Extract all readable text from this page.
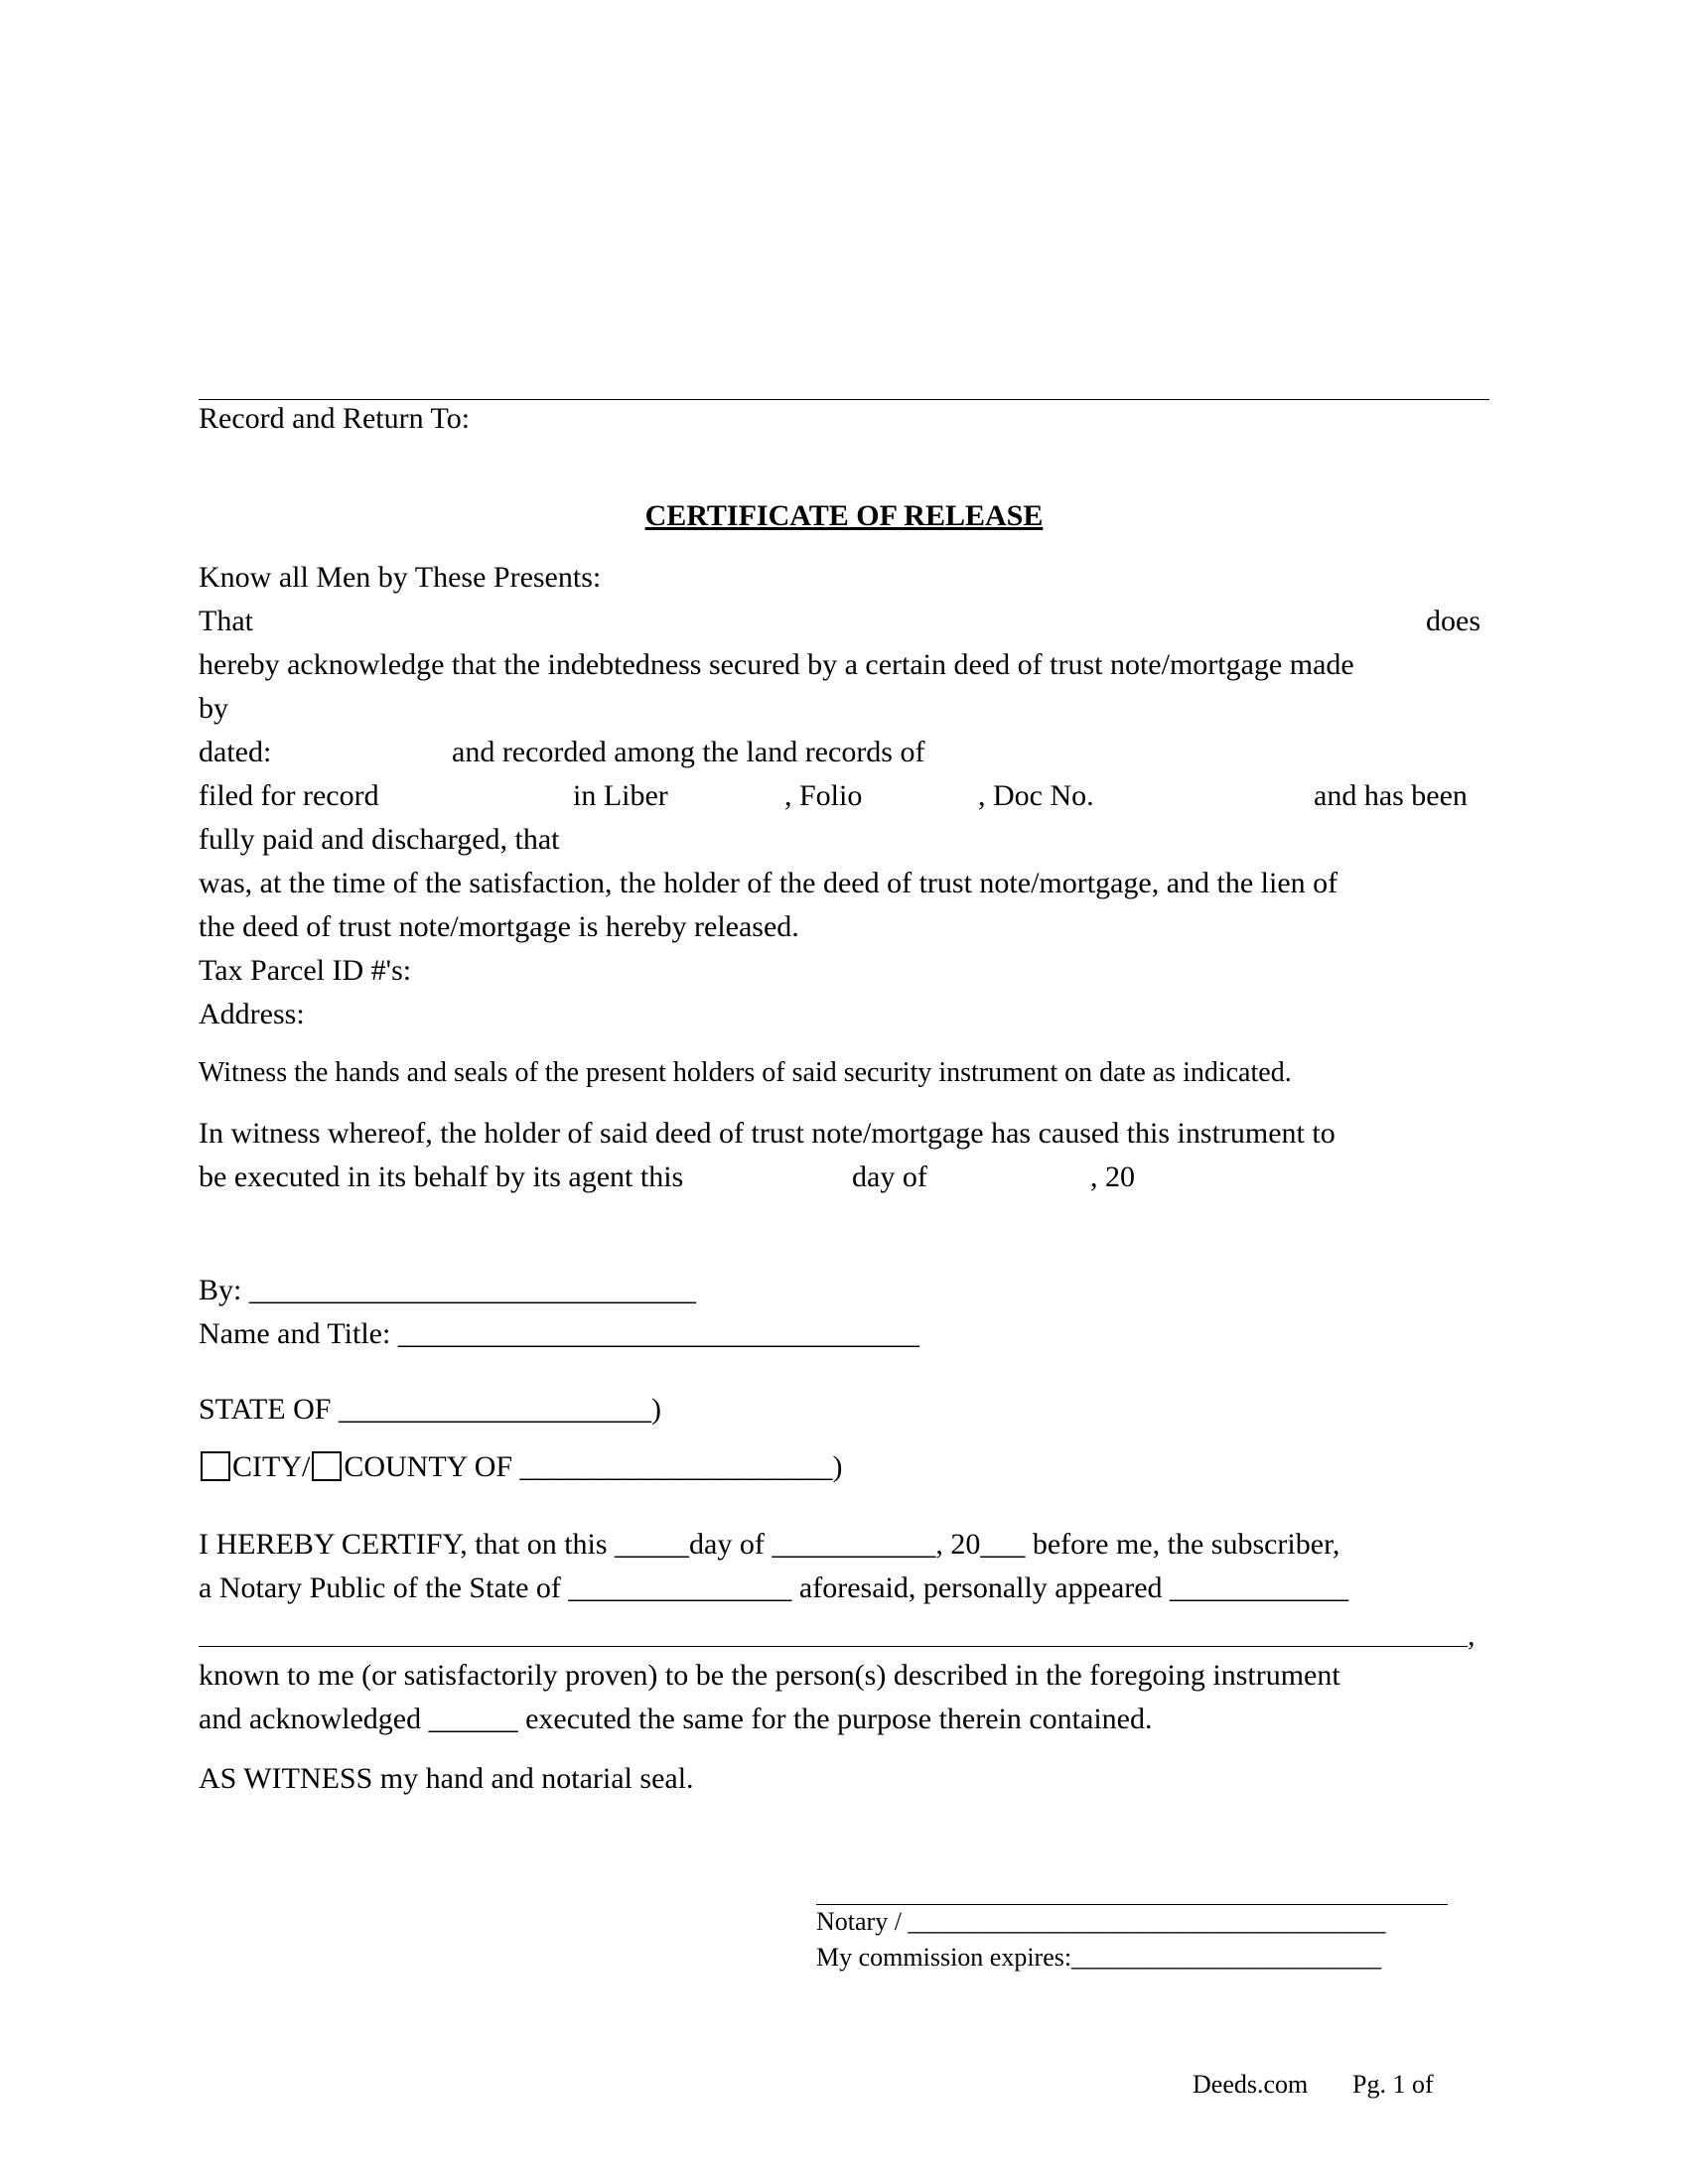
Record and Return To:
CERTIFICATE OF RELEASE
Know all Men by These Presents:
That	does
hereby acknowledge that the indebtedness secured by a certain deed of trust note/mortgage made
by
dated:	and recorded among the land records of
filed for record	in Liber	, Folio	, Doc No.	and has been
fully paid and discharged, that
was, at the time of the satisfaction, the holder of the deed of trust note/mortgage, and the lien of
the deed of trust note/mortgage is hereby released.
Tax Parcel ID #'s:
Address:
Witness the hands and seals of the present holders of said security instrument on date as indicated.
In witness whereof, the holder of said deed of trust note/mortgage has caused this instrument to
be executed in its behalf by its agent this	day of	, 20
By: ______________________________
Name and Title: ___________________________________
STATE OF _____________________)
CITY/ COUNTY OF _____________________)
I HEREBY CERTIFY, that on this _____day of ___________, 20___ before me, the subscriber,
a Notary Public of the State of _______________ aforesaid, personally appeared ____________
,
known to me (or satisfactorily proven) to be the person(s) described in the foregoing instrument
and acknowledged ______ executed the same for the purpose therein contained.
AS WITNESS my hand and notarial seal.
Notary / _____________________________________
My commission expires:________________________
Deeds.com Pg. 1 of
